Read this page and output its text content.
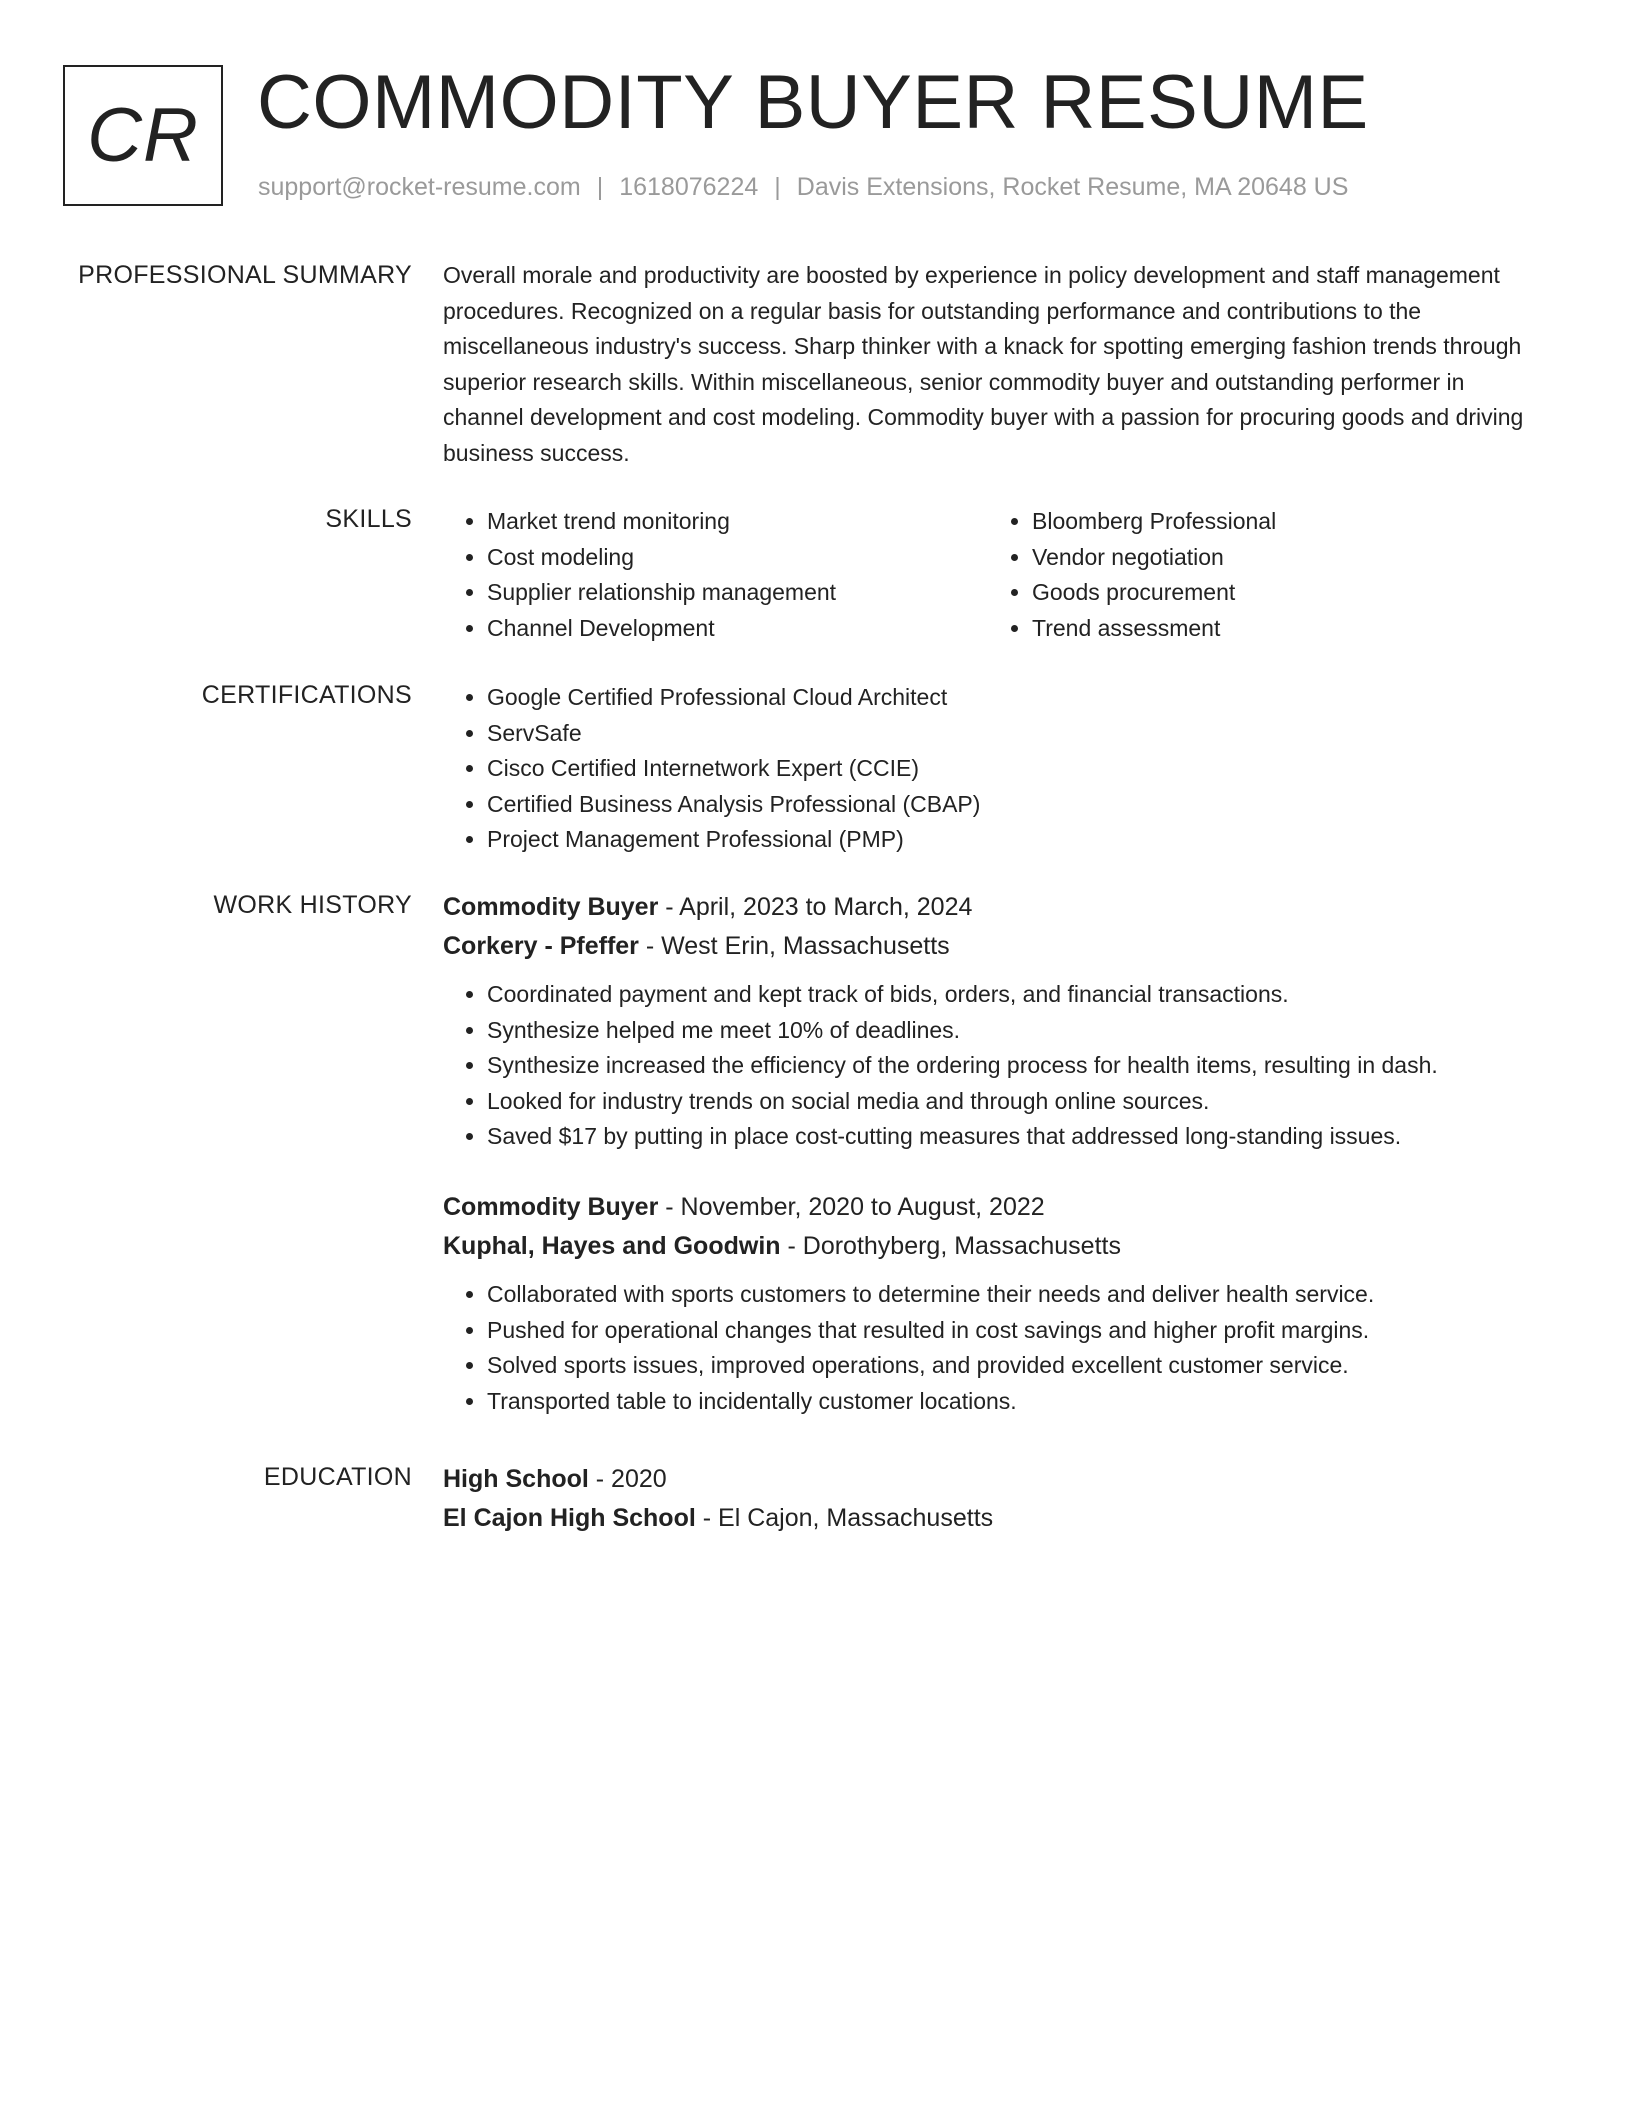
CR COMMODITY BUYER RESUME
support@rocket-resume.com | 1618076224 | Davis Extensions, Rocket Resume, MA 20648 US
PROFESSIONAL SUMMARY Overall morale and productivity are boosted by experience in policy development and staff management procedures. Recognized on a regular basis for outstanding performance and contributions to the miscellaneous industry's success. Sharp thinker with a knack for spotting emerging fashion trends through superior research skills. Within miscellaneous, senior commodity buyer and outstanding performer in channel development and cost modeling. Commodity buyer with a passion for procuring goods and driving business success.

SKILLS	• Market trend monitoring
• Cost modeling
• Supplier relationship management
• Channel Development
• Bloomberg Professional
• Vendor negotiation
• Goods procurement
• Trend assessment
CERTIFICATIONS	• Google Certified Professional Cloud Architect
• ServSafe
• Cisco Certified Internetwork Expert (CCIE)
• Certified Business Analysis Professional (CBAP)
• Project Management Professional (PMP)
WORK HISTORY Commodity Buyer - April, 2023 to March, 2024
Corkery - Pfeffer - West Erin, Massachusetts
• Coordinated payment and kept track of bids, orders, and financial transactions.
• Synthesize helped me meet 10% of deadlines.
• Synthesize increased the efficiency of the ordering process for health items, resulting in dash.
• Looked for industry trends on social media and through online sources.
• Saved $17 by putting in place cost-cutting measures that addressed long-standing issues.
Commodity Buyer - November, 2020 to August, 2022
Kuphal, Hayes and Goodwin - Dorothyberg, Massachusetts
• Collaborated with sports customers to determine their needs and deliver health service.
• Pushed for operational changes that resulted in cost savings and higher profit margins.
• Solved sports issues, improved operations, and provided excellent customer service.
• Transported table to incidentally customer locations.
EDUCATION High School - 2020
El Cajon High School - El Cajon, Massachusetts
